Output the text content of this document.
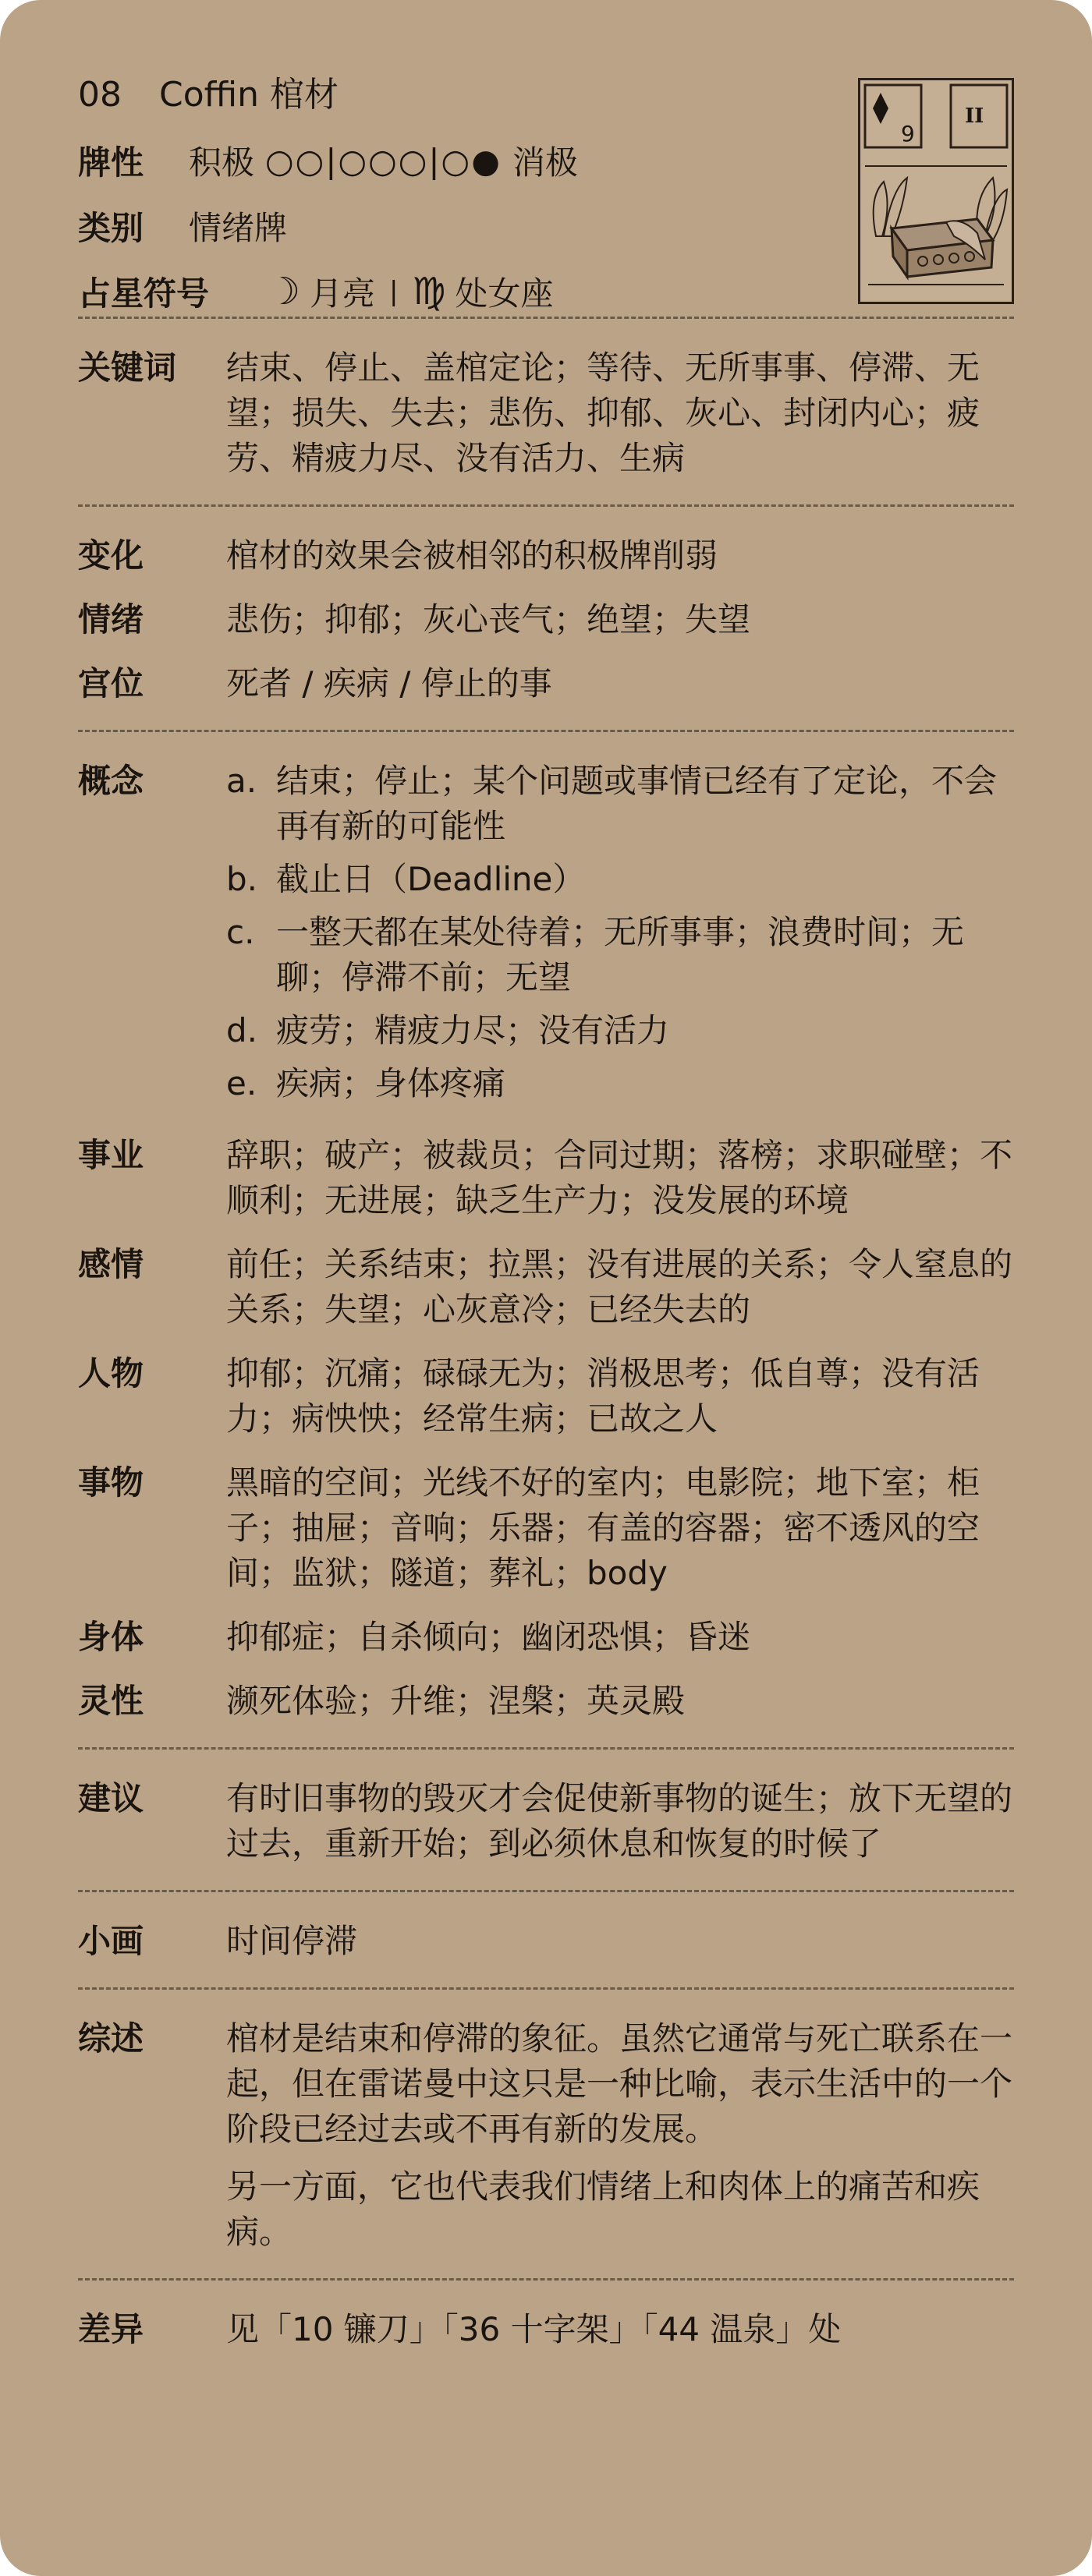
08 Coffin 棺材
牌性	积极 ○○|○○○|○● 消极
类别	情绪牌
占星符号	☽ 月亮 | ♍ 处女座
9
II
关键词	结束、停止、盖棺定论；等待、无所事事、停滞、无望；损失、失去；悲伤、抑郁、灰心、封闭内心；疲劳、精疲力尽、没有活力、生病
变化	棺材的效果会被相邻的积极牌削弱
情绪	悲伤；抑郁；灰心丧气；绝望；失望
宫位	死者 / 疾病 / 停止的事
概念	a. 结束；停止；某个问题或事情已经有了定论，不会再有新的可能性
b. 截止日（Deadline）
c. 一整天都在某处待着；无所事事；浪费时间；无聊；停滞不前；无望
d. 疲劳；精疲力尽；没有活力
e. 疾病；身体疼痛
事业	辞职；破产；被裁员；合同过期；落榜；求职碰壁；不顺利；无进展；缺乏生产力；没发展的环境
感情	前任；关系结束；拉黑；没有进展的关系；令人窒息的关系；失望；心灰意冷；已经失去的
人物	抑郁；沉痛；碌碌无为；消极思考；低自尊；没有活力；病怏怏；经常生病；已故之人
事物	黑暗的空间；光线不好的室内；电影院；地下室；柜子；抽屉；音响；乐器；有盖的容器；密不透风的空间；监狱；隧道；葬礼；body
身体	抑郁症；自杀倾向；幽闭恐惧；昏迷
灵性	濒死体验；升维；涅槃；英灵殿
建议	有时旧事物的毁灭才会促使新事物的诞生；放下无望的过去，重新开始；到必须休息和恢复的时候了
小画	时间停滞
综述	棺材是结束和停滞的象征。虽然它通常与死亡联系在一起，但在雷诺曼中这只是一种比喻，表示生活中的一个阶段已经过去或不再有新的发展。
另一方面，它也代表我们情绪上和肉体上的痛苦和疾病。
差异	见「10 镰刀」「36 十字架」「44 温泉」处
